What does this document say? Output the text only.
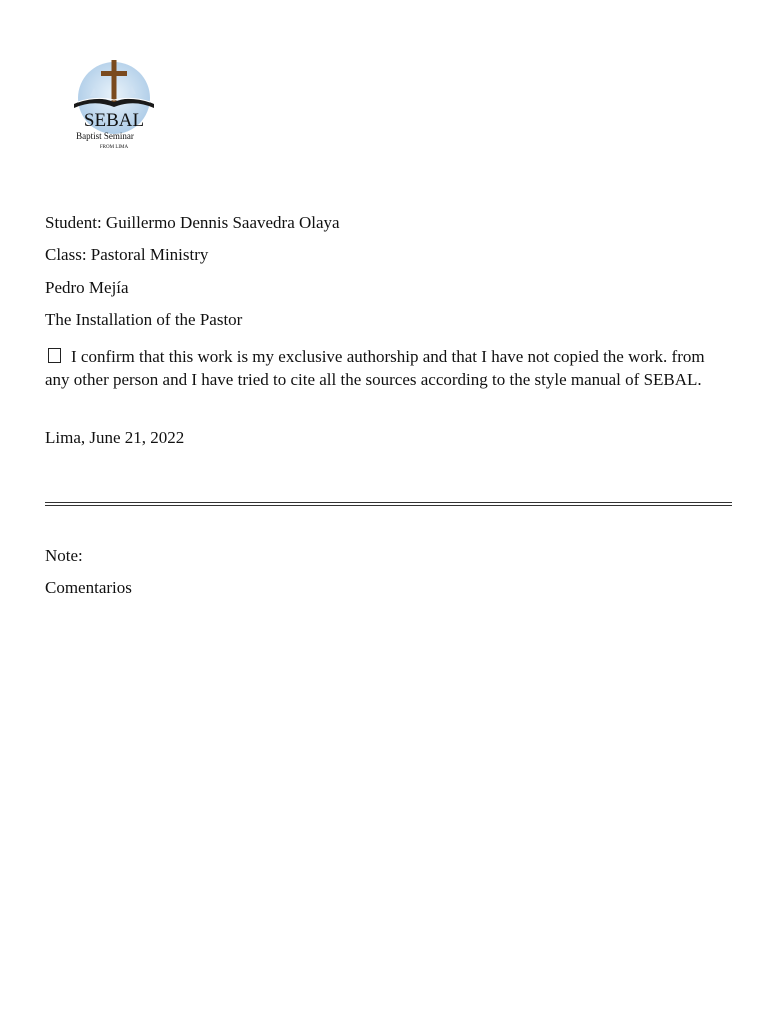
SEBAL
Baptist Seminar
FROM LIMA
Student: Guillermo Dennis Saavedra Olaya
Class: Pastoral Ministry
Pedro Mejía
The Installation of the Pastor
I confirm that this work is my exclusive authorship and that I have not copied the work. from any other person and I have tried to cite all the sources according to the style manual of SEBAL.
Lima, June 21, 2022
Note:
Comentarios
